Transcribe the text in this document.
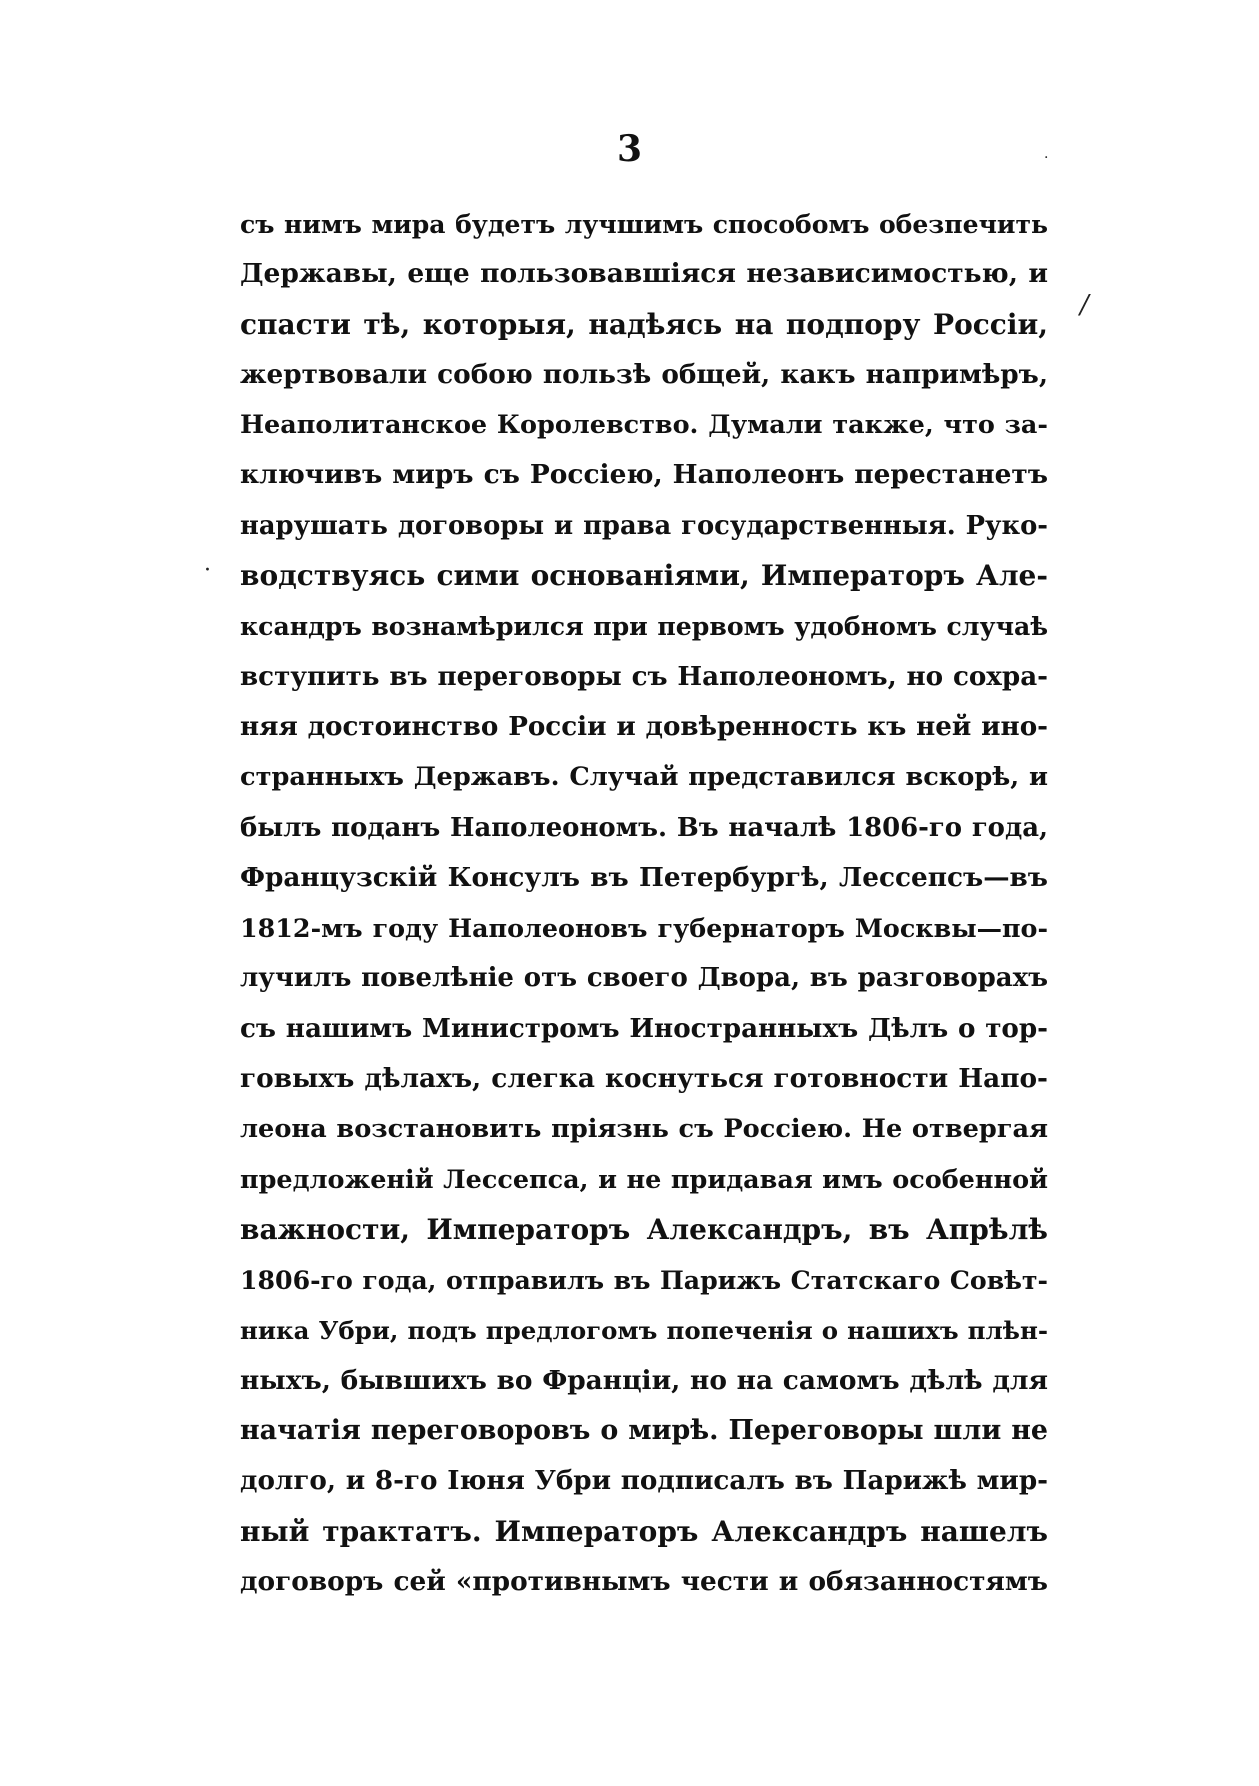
3	·
/
·
съ нимъ мира будетъ лучшимъ способомъ обезпечить
Державы, еще пользовавшіяся независимостью, и
спасти тѣ, которыя, надѣясь на подпору Россіи,
жертвовали собою пользѣ общей, какъ напримѣръ,
Неаполитанское Королевство. Думали также, что за-
ключивъ миръ съ Россіею, Наполеонъ перестанетъ
нарушать договоры и права государственныя. Руко-
водствуясь сими основаніями, Императоръ Але-
ксандръ вознамѣрился при первомъ удобномъ случаѣ
вступить въ переговоры съ Наполеономъ, но сохра-
няя достоинство Россіи и довѣренность къ ней ино-
странныхъ Державъ. Случай представился вскорѣ, и
былъ поданъ Наполеономъ. Въ началѣ 1806-го года,
Французскій Консулъ въ Петербургѣ, Лессепсъ—въ
1812-мъ году Наполеоновъ губернаторъ Москвы—по-
лучилъ повелѣніе отъ своего Двора, въ разговорахъ
съ нашимъ Министромъ Иностранныхъ Дѣлъ о тор-
говыхъ дѣлахъ, слегка коснуться готовности Напо-
леона возстановить пріязнь съ Россіею. Не отвергая
предложеній Лессепса, и не придавая имъ особенной
важности, Императоръ Александръ, въ Апрѣлѣ
1806-го года, отправилъ въ Парижъ Статскаго Совѣт-
ника Убри, подъ предлогомъ попеченія о нашихъ плѣн-
ныхъ, бывшихъ во Франціи, но на самомъ дѣлѣ для
начатія переговоровъ о мирѣ. Переговоры шли не
долго, и 8-го Іюня Убри подписалъ въ Парижѣ мир-
ный трактатъ. Императоръ Александръ нашелъ
договоръ сей «противнымъ чести и обязанностямъ
